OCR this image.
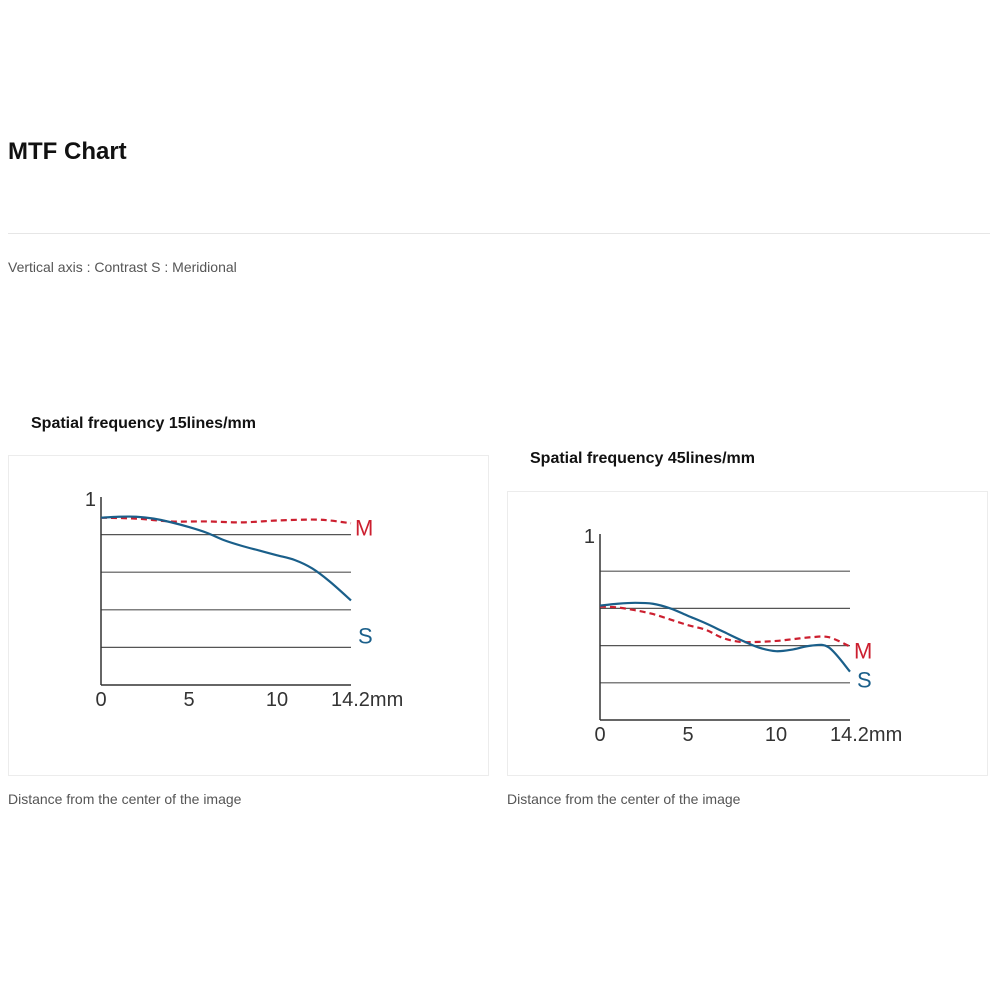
MTF Chart
Vertical axis : Contrast S : Meridional
Spatial frequency 15lines/mm
1
0	5	10 14.2mm
M
S
Distance from the center of the image
Spatial frequency 45lines/mm
1
0	5	10 14.2mm
M
S
Distance from the center of the image
